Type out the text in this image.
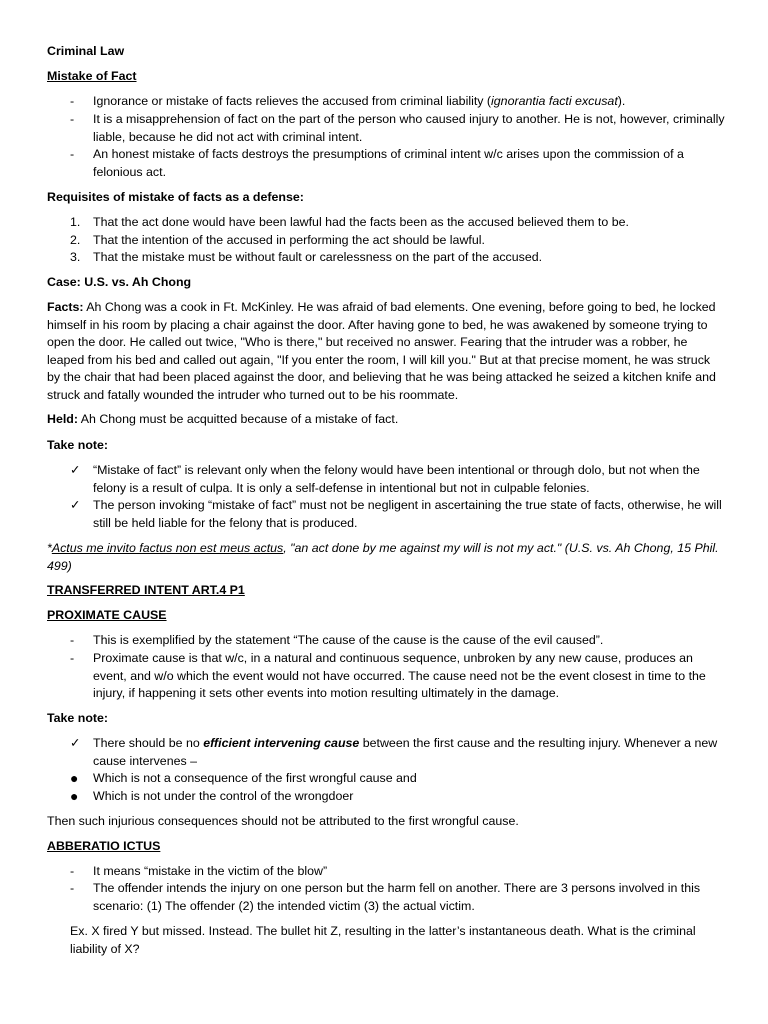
Criminal Law
Mistake of Fact
- Ignorance or mistake of facts relieves the accused from criminal liability (ignorantia facti excusat).
- It is a misapprehension of fact on the part of the person who caused injury to another. He is not, however, criminally liable, because he did not act with criminal intent.
- An honest mistake of facts destroys the presumptions of criminal intent w/c arises upon the commission of a felonious act.
Requisites of mistake of facts as a defense:
1. That the act done would have been lawful had the facts been as the accused believed them to be.
2. That the intention of the accused in performing the act should be lawful.
3. That the mistake must be without fault or carelessness on the part of the accused.
Case: U.S. vs. Ah Chong
Facts: Ah Chong was a cook in Ft. McKinley. He was afraid of bad elements. One evening, before going to bed, he locked himself in his room by placing a chair against the door. After having gone to bed, he was awakened by someone trying to open the door. He called out twice, "Who is there," but received no answer. Fearing that the intruder was a robber, he leaped from his bed and called out again, "If you enter the room, I will kill you." But at that precise moment, he was struck by the chair that had been placed against the door, and believing that he was being attacked he seized a kitchen knife and struck and fatally wounded the intruder who turned out to be his roommate.
Held: Ah Chong must be acquitted because of a mistake of fact.
Take note:
✓ “Mistake of fact” is relevant only when the felony would have been intentional or through dolo, but not when the felony is a result of culpa. It is only a self-defense in intentional but not in culpable felonies.
✓ The person invoking “mistake of fact” must not be negligent in ascertaining the true state of facts, otherwise, he will still be held liable for the felony that is produced.
*Actus me invito factus non est meus actus, "an act done by me against my will is not my act." (U.S. vs. Ah Chong, 15 Phil. 499)
TRANSFERRED INTENT ART.4 P1
PROXIMATE CAUSE
- This is exemplified by the statement “The cause of the cause is the cause of the evil caused”.
- Proximate cause is that w/c, in a natural and continuous sequence, unbroken by any new cause, produces an event, and w/o which the event would not have occurred. The cause need not be the event closest in time to the injury, if happening it sets other events into motion resulting ultimately in the damage.
Take note:
✓ There should be no efficient intervening cause between the first cause and the resulting injury. Whenever a new cause intervenes –
● Which is not a consequence of the first wrongful cause and
● Which is not under the control of the wrongdoer
Then such injurious consequences should not be attributed to the first wrongful cause.
ABBERATIO ICTUS
- It means “mistake in the victim of the blow”
- The offender intends the injury on one person but the harm fell on another. There are 3 persons involved in this scenario: (1) The offender (2) the intended victim (3) the actual victim.
Ex. X fired Y but missed. Instead. The bullet hit Z, resulting in the latter’s instantaneous death. What is the criminal liability of X?
